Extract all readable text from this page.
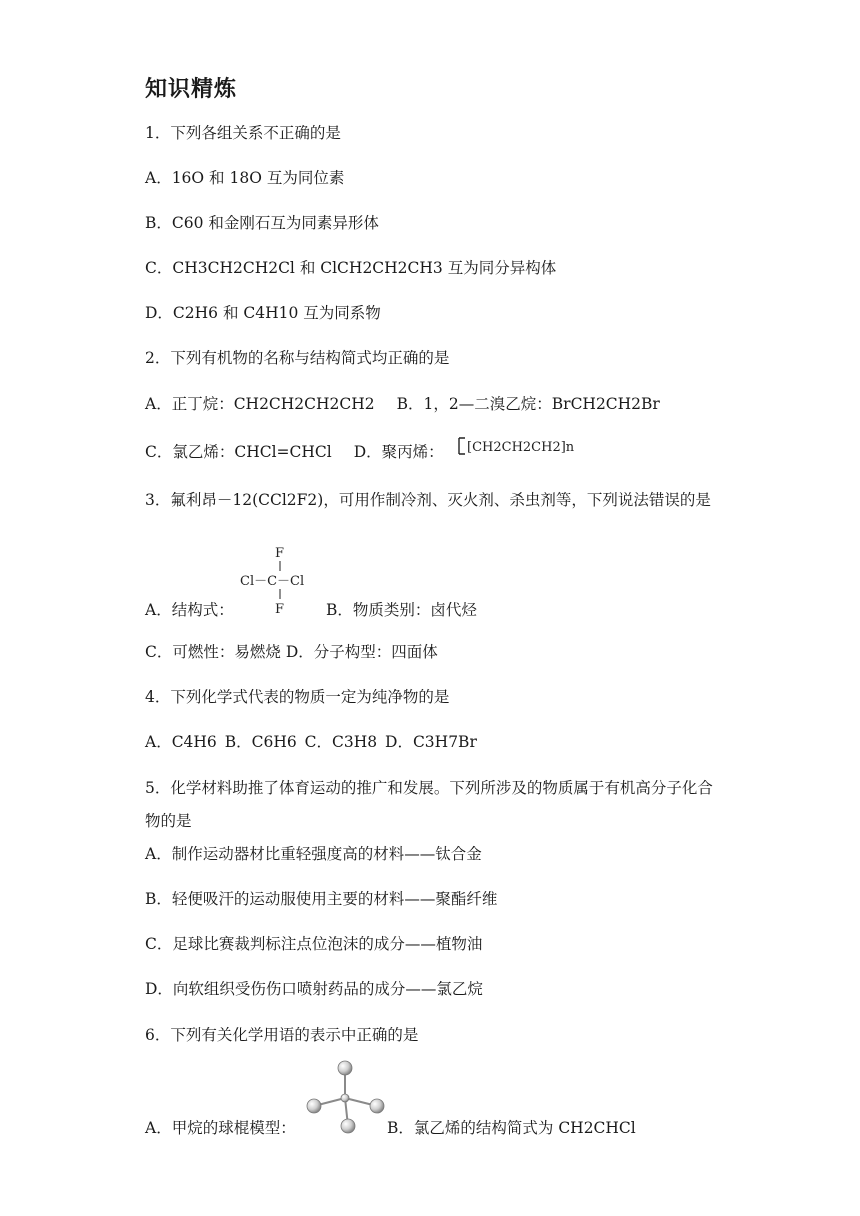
知识精炼
1．下列各组关系不正确的是
A．16O 和 18O 互为同位素
B．C60 和金刚石互为同素异形体
C．CH3CH2CH2Cl 和 ClCH2CH2CH3 互为同分异构体
D．C2H6 和 C4H10 互为同系物
2．下列有机物的名称与结构简式均正确的是
A．正丁烷：CH2CH2CH2CH2 B．1，2—二溴乙烷：BrCH2CH2Br
C．氯乙烯：CHCl=CHCl D．聚丙烯： [CH2CH2CH2]n
3．氟利昂－12(CCl2F2)，可用作制冷剂、灭火剂、杀虫剂等，下列说法错误的是
F
Cl－C－Cl
F
A．结构式：	B．物质类别：卤代烃
C．可燃性：易燃烧 D．分子构型：四面体
4．下列化学式代表的物质一定为纯净物的是
A．C4H6 B．C6H6 C．C3H8 D．C3H7Br
5．化学材料助推了体育运动的推广和发展。下列所涉及的物质属于有机高分子化合物的是
A．制作运动器材比重轻强度高的材料——钛合金
B．轻便吸汗的运动服使用主要的材料——聚酯纤维
C．足球比赛裁判标注点位泡沫的成分——植物油
D．向软组织受伤伤口喷射药品的成分——氯乙烷
6．下列有关化学用语的表示中正确的是
A．甲烷的球棍模型：	B．氯乙烯的结构简式为 CH2CHCl
